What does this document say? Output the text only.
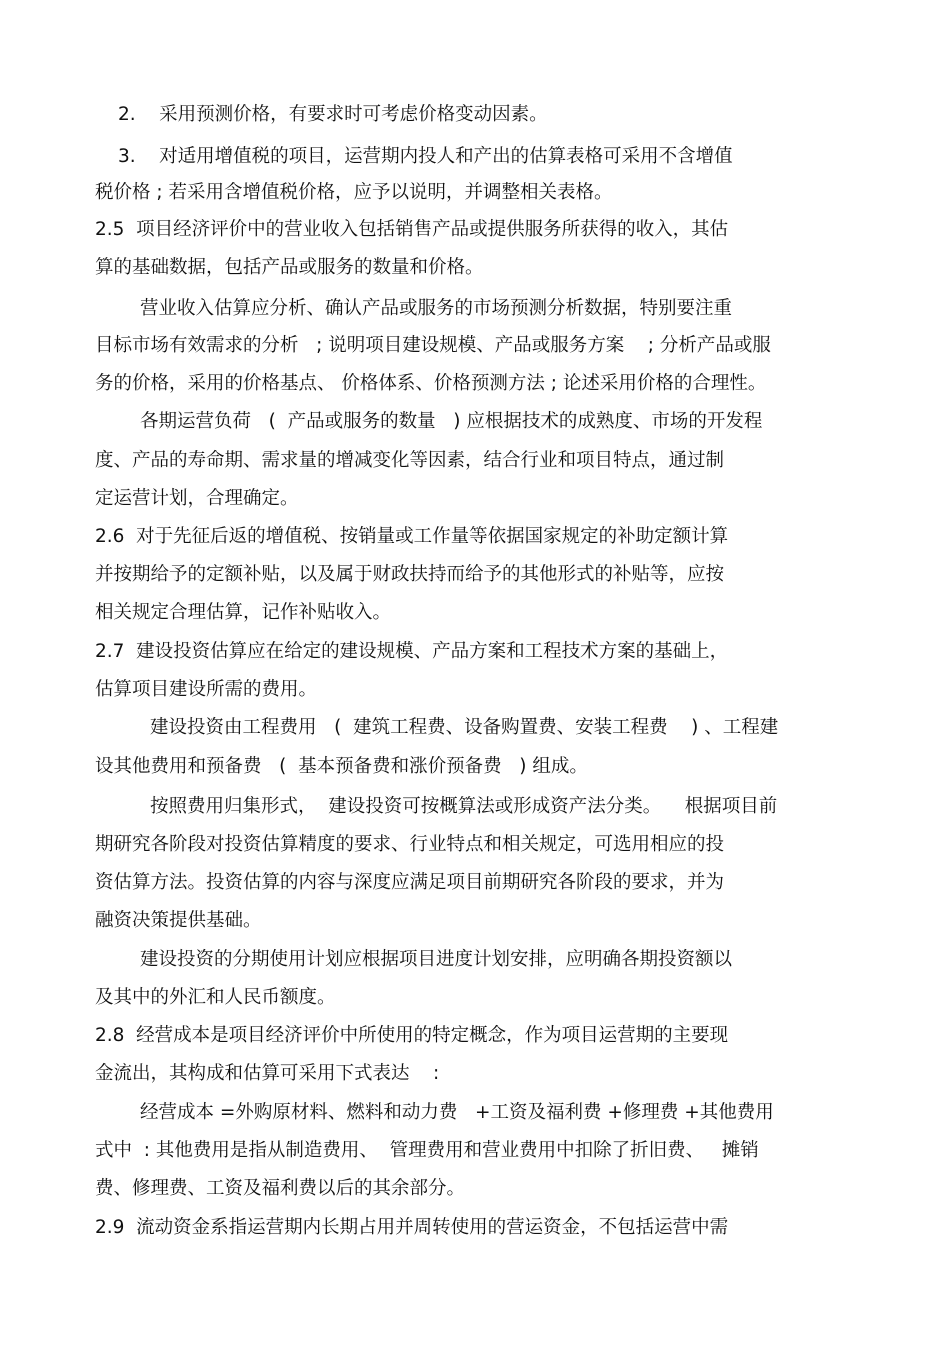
2.    采用预测价格，有要求时可考虑价格变动因素。
3.    对适用增值税的项目，运营期内投人和产出的估算表格可采用不含增值
税价格 ; 若采用含增值税价格，应予以说明，并调整相关表格。
2.5  项目经济评价中的营业收入包括销售产品或提供服务所获得的收入，其估
算的基础数据，包括产品或服务的数量和价格。
营业收入估算应分析、确认产品或服务的市场预测分析数据，特别要注重
目标市场有效需求的分析   ; 说明项目建设规模、产品或服务方案    ; 分析产品或服
务的价格，采用的价格基点、 价格体系、价格预测方法 ; 论述采用价格的合理性。
各期运营负荷   (  产品或服务的数量   ) 应根据技术的成熟度、市场的开发程
度、产品的寿命期、需求量的增减变化等因素，结合行业和项目特点，通过制
定运营计划，合理确定。
2.6  对于先征后返的增值税、按销量或工作量等依据国家规定的补助定额计算
并按期给予的定额补贴，以及属于财政扶持而给予的其他形式的补贴等，应按
相关规定合理估算，记作补贴收入。
2.7  建设投资估算应在给定的建设规模、产品方案和工程技术方案的基础上，
估算项目建设所需的费用。
建设投资由工程费用   (  建筑工程费、设备购置费、安装工程费    ) 、工程建
设其他费用和预备费   (  基本预备费和涨价预备费   ) 组成。
按照费用归集形式，  建设投资可按概算法或形成资产法分类。    根据项目前
期研究各阶段对投资估算精度的要求、行业特点和相关规定，可选用相应的投
资估算方法。投资估算的内容与深度应满足项目前期研究各阶段的要求，并为
融资决策提供基础。
建设投资的分期使用计划应根据项目进度计划安排，应明确各期投资额以
及其中的外汇和人民币额度。
2.8  经营成本是项目经济评价中所使用的特定概念，作为项目运营期的主要现
金流出，其构成和估算可采用下式表达    :
经营成本 =外购原材料、燃料和动力费   +工资及福利费 +修理费 +其他费用
式中  : 其他费用是指从制造费用、  管理费用和营业费用中扣除了折旧费、   摊销
费、修理费、工资及福利费以后的其余部分。
2.9  流动资金系指运营期内长期占用并周转使用的营运资金，不包括运营中需
